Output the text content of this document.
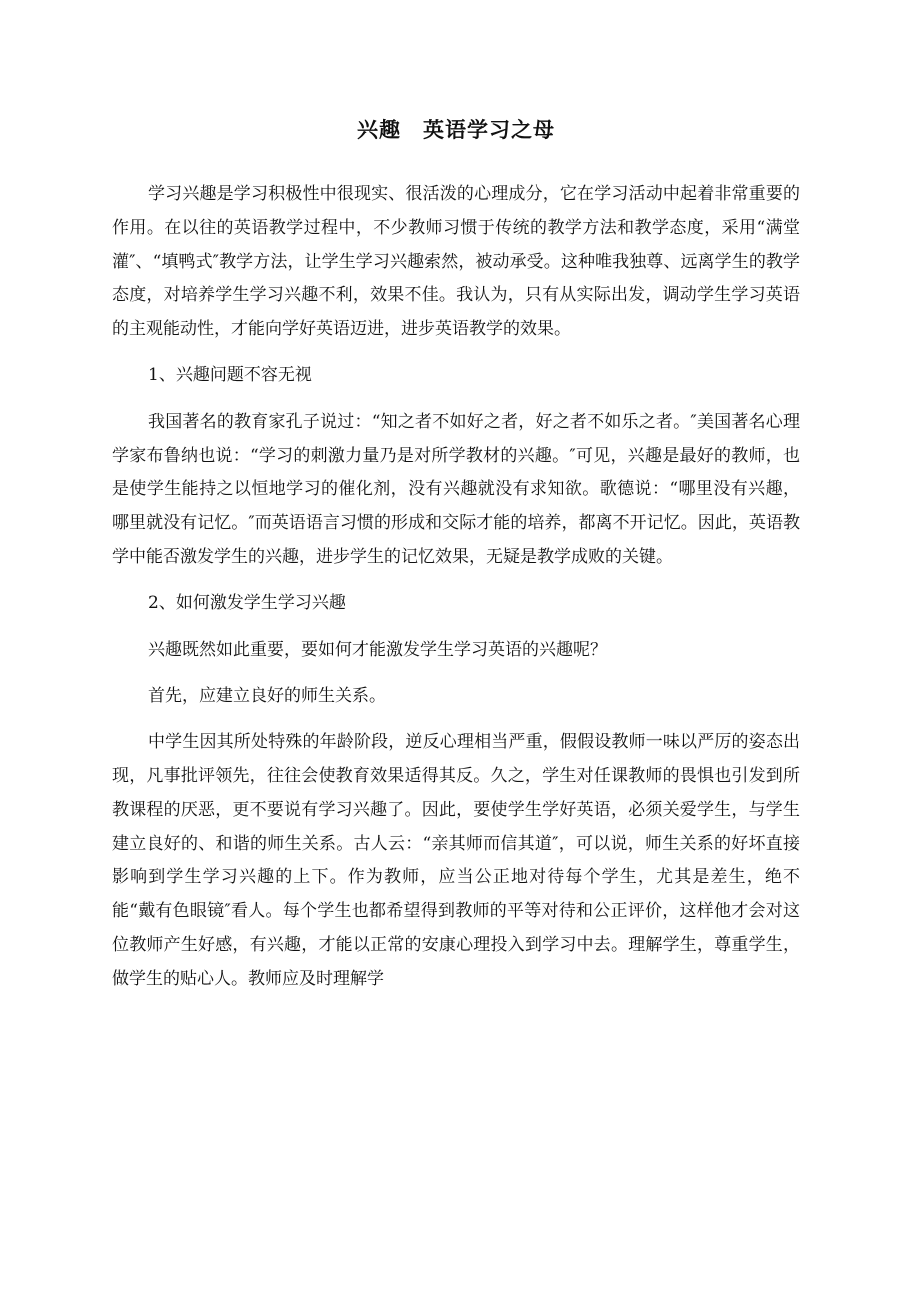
兴趣　英语学习之母

学习兴趣是学习积极性中很现实、很活泼的心理成分，它在学习活动中起着非常重要的作用。在以往的英语教学过程中，不少教师习惯于传统的教学方法和教学态度，采用“满堂灌″、“填鸭式″教学方法，让学生学习兴趣索然，被动承受。这种唯我独尊、远离学生的教学态度，对培养学生学习兴趣不利，效果不佳。我认为，只有从实际出发，调动学生学习英语的主观能动性，才能向学好英语迈进，进步英语教学的效果。

1、兴趣问题不容无视

我国著名的教育家孔子说过：“知之者不如好之者，好之者不如乐之者。″美国著名心理学家布鲁纳也说：“学习的刺激力量乃是对所学教材的兴趣。″可见，兴趣是最好的教师，也是使学生能持之以恒地学习的催化剂，没有兴趣就没有求知欲。歌德说：“哪里没有兴趣，哪里就没有记忆。″而英语语言习惯的形成和交际才能的培养，都离不开记忆。因此，英语教学中能否激发学生的兴趣，进步学生的记忆效果，无疑是教学成败的关键。

2、如何激发学生学习兴趣

兴趣既然如此重要，要如何才能激发学生学习英语的兴趣呢？

首先，应建立良好的师生关系。

中学生因其所处特殊的年龄阶段，逆反心理相当严重，假假设教师一味以严厉的姿态出现，凡事批评领先，往往会使教育效果适得其反。久之，学生对任课教师的畏惧也引发到所教课程的厌恶，更不要说有学习兴趣了。因此，要使学生学好英语，必须关爱学生，与学生建立良好的、和谐的师生关系。古人云：“亲其师而信其道″，可以说，师生关系的好坏直接影响到学生学习兴趣的上下。作为教师，应当公正地对待每个学生，尤其是差生，绝不能“戴有色眼镜″看人。每个学生也都希望得到教师的平等对待和公正评价，这样他才会对这位教师产生好感，有兴趣，才能以正常的安康心理投入到学习中去。理解学生，尊重学生，做学生的贴心人。教师应及时理解学
